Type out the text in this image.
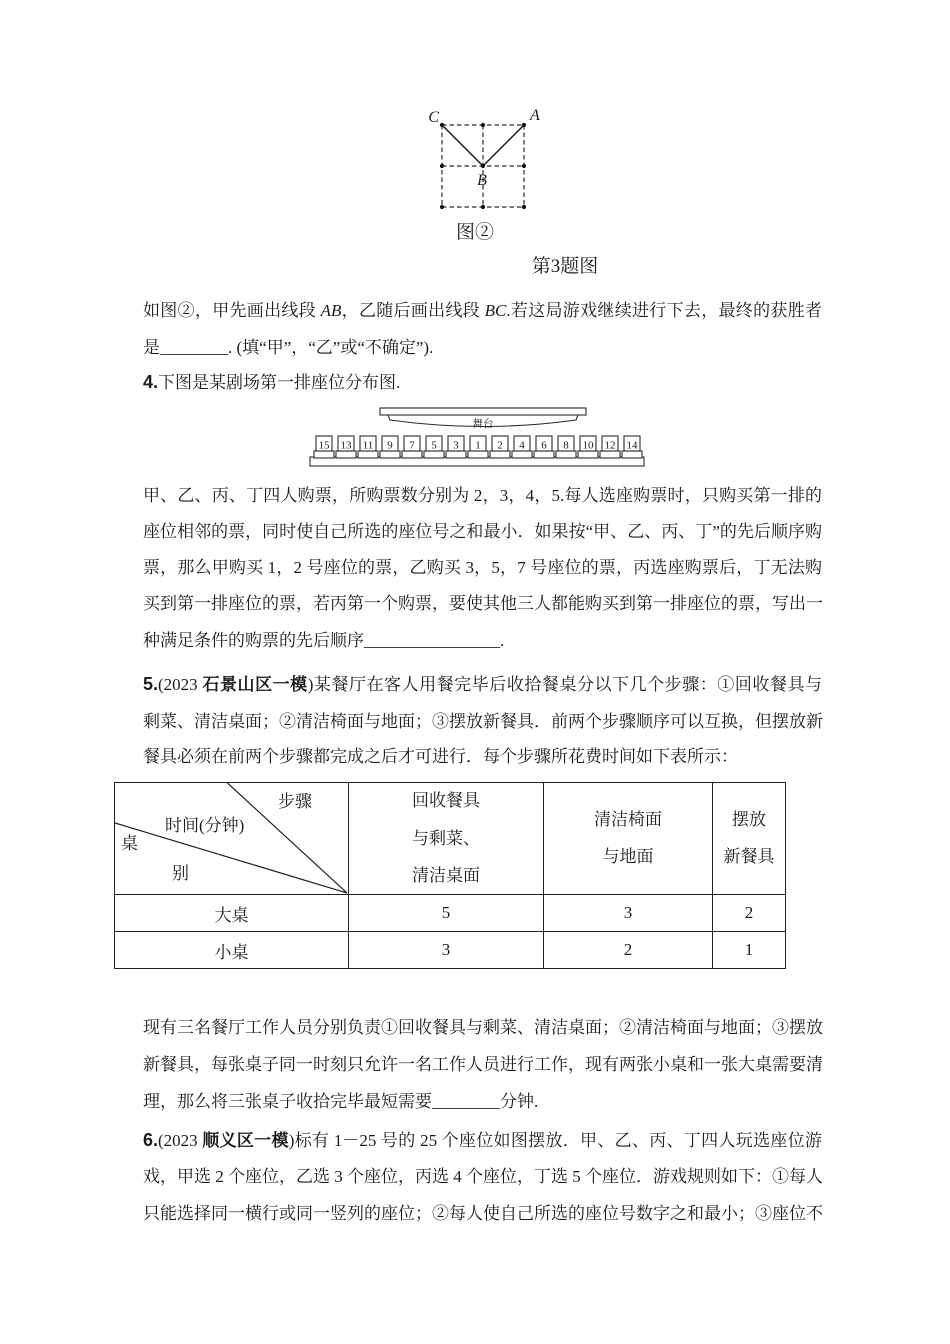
C	A
B
图②
第3题图
如图②，甲先画出线段 AB，乙随后画出线段 BC.若这局游戏继续进行下去，最终的获胜者
是________. (填“甲”，“乙”或“不确定”).
4.下图是某剧场第一排座位分布图.
舞台
15 13 11 9 7 5 3 1 2 4 6 8 10 12 14
甲、乙、丙、丁四人购票，所购票数分别为 2，3，4，5.每人选座购票时，只购买第一排的
座位相邻的票，同时使自己所选的座位号之和最小．如果按“甲、乙、丙、丁”的先后顺序购
票，那么甲购买 1，2 号座位的票，乙购买 3，5，7 号座位的票，丙选座购票后，丁无法购
买到第一排座位的票，若丙第一个购票，要使其他三人都能购买到第一排座位的票，写出一
种满足条件的购票的先后顺序________________.
5.(2023 石景山区一模)某餐厅在客人用餐完毕后收拾餐桌分以下几个步骤：①回收餐具与
剩菜、清洁桌面；②清洁椅面与地面；③摆放新餐具．前两个步骤顺序可以互换，但摆放新
餐具必须在前两个步骤都完成之后才可进行．每个步骤所花费时间如下表所示：
步骤
时间(分钟)
桌
别

回收餐具
与剩菜、
清洁桌面

清洁椅面
与地面

摆放
新餐具

大桌	5	3	2
小桌	3	2	1
现有三名餐厅工作人员分别负责①回收餐具与剩菜、清洁桌面；②清洁椅面与地面；③摆放
新餐具，每张桌子同一时刻只允许一名工作人员进行工作，现有两张小桌和一张大桌需要清
理，那么将三张桌子收拾完毕最短需要________分钟.
6.(2023 顺义区一模)标有 1－25 号的 25 个座位如图摆放．甲、乙、丙、丁四人玩选座位游
戏，甲选 2 个座位，乙选 3 个座位，丙选 4 个座位，丁选 5 个座位．游戏规则如下：①每人
只能选择同一横行或同一竖列的座位；②每人使自己所选的座位号数字之和最小；③座位不
